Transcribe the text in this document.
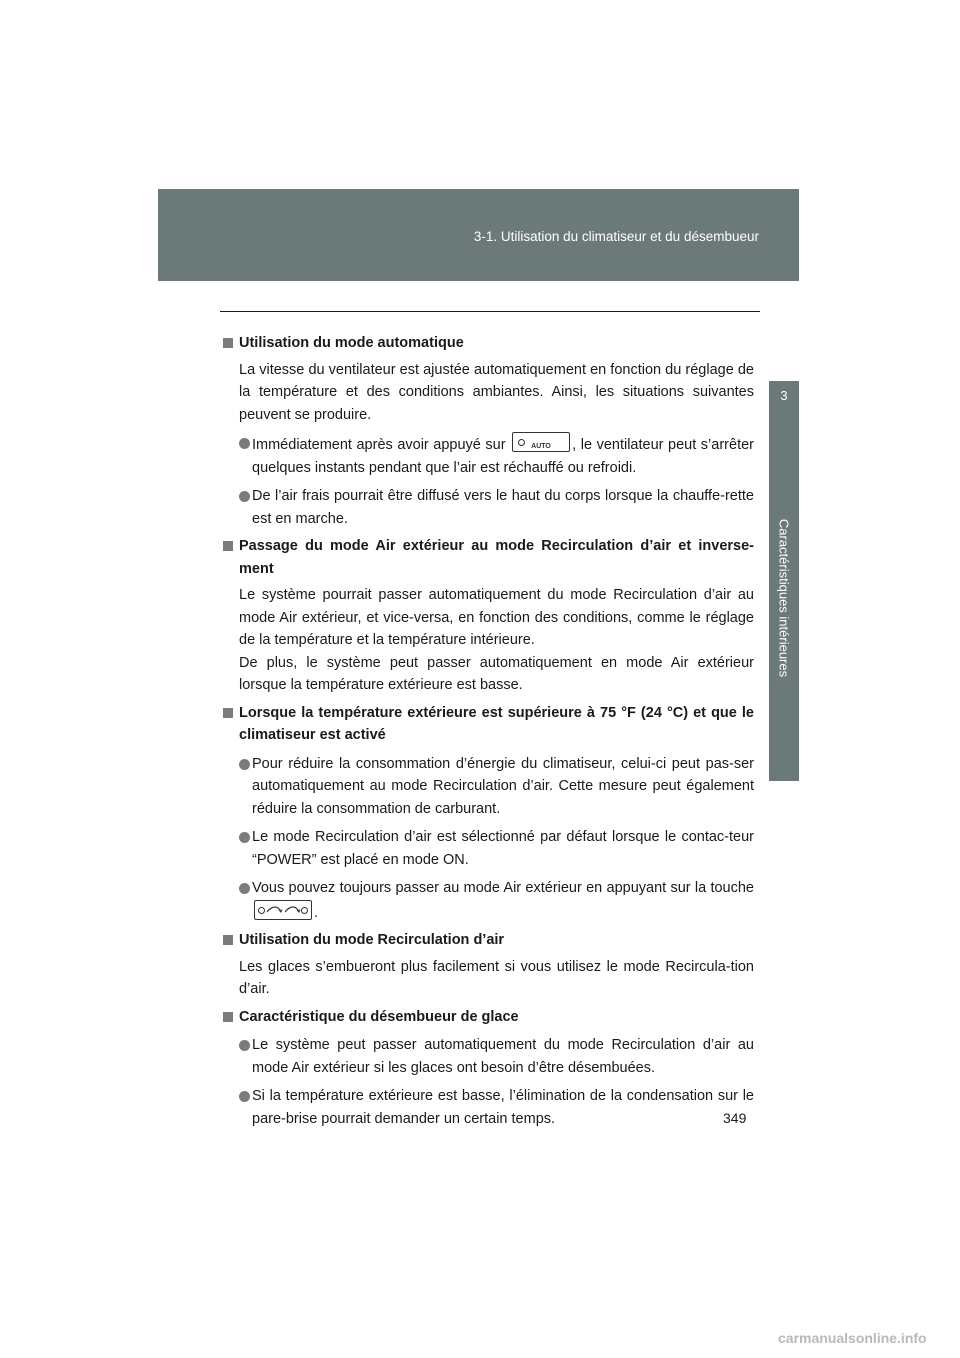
3-1. Utilisation du climatiseur et du désembueur
3
Caractéristiques intérieures
Utilisation du mode automatique
La vitesse du ventilateur est ajustée automatiquement en fonction du réglage de la température et des conditions ambiantes. Ainsi, les situations suivantes peuvent se produire.
Immédiatement après avoir appuyé sur	AUTO , le ventilateur peut s’arrêter quelques instants pendant que l’air est réchauffé ou refroidi.
De l’air frais pourrait être diffusé vers le haut du corps lorsque la chauffe-rette est en marche.
Passage du mode Air extérieur au mode Recirculation d’air et inverse-ment
Le système pourrait passer automatiquement du mode Recirculation d’air au mode Air extérieur, et vice-versa, en fonction des conditions, comme le réglage de la température et la température intérieure.
De plus, le système peut passer automatiquement en mode Air extérieur lorsque la température extérieure est basse.
Lorsque la température extérieure est supérieure à 75 °F (24 °C) et que le climatiseur est activé
Pour réduire la consommation d’énergie du climatiseur, celui-ci peut pas-ser automatiquement au mode Recirculation d’air. Cette mesure peut également réduire la consommation de carburant.
Le mode Recirculation d’air est sélectionné par défaut lorsque le contac-teur “POWER” est placé en mode ON.
Vous pouvez toujours passer au mode Air extérieur en appuyant sur la touche
.
Utilisation du mode Recirculation d’air
Les glaces s’embueront plus facilement si vous utilisez le mode Recircula-tion d’air.
Caractéristique du désembueur de glace
Le système peut passer automatiquement du mode Recirculation d’air au mode Air extérieur si les glaces ont besoin d’être désembuées.
Si la température extérieure est basse, l’élimination de la condensation sur le pare-brise pourrait demander un certain temps.	349
carmanualsonline.info
